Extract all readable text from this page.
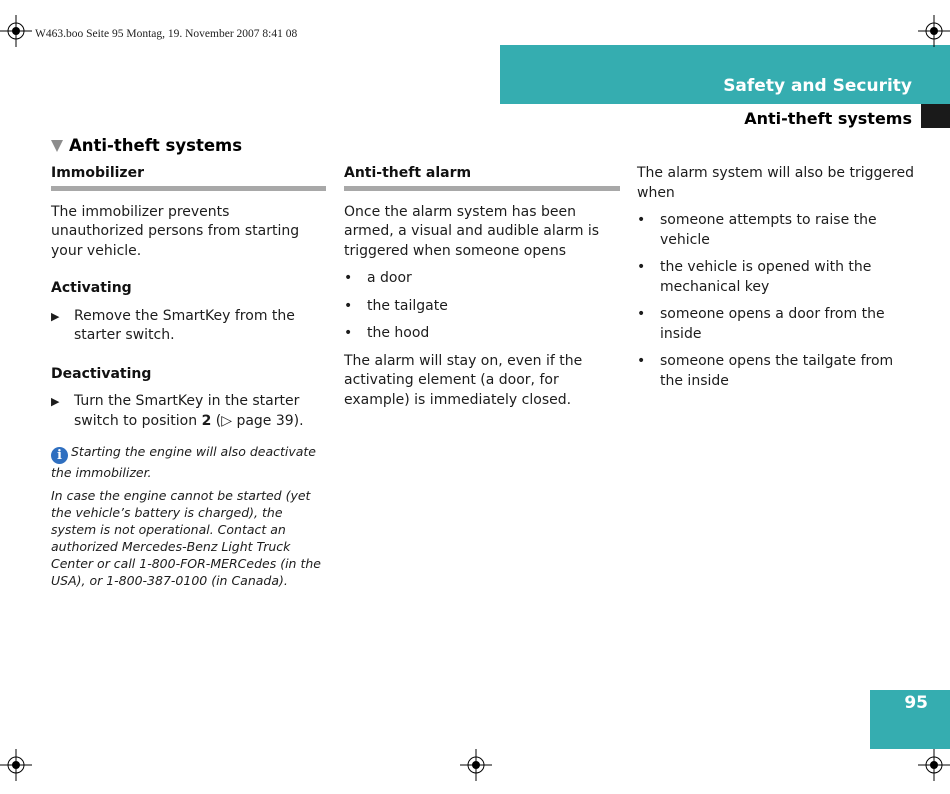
W463.boo Seite 95 Montag, 19. November 2007 8:41 08
Safety and Security
Anti-theft systems
Anti-theft systems
Immobilizer
The immobilizer prevents unauthorized persons from starting your vehicle.
Activating
▶	Remove the SmartKey from the starter switch.
Deactivating
▶	Turn the SmartKey in the starter switch to position 2 (▷ page 39).
i Starting the engine will also deactivate the immobilizer.
In case the engine cannot be started (yet the vehicle’s battery is charged), the system is not operational. Contact an authorized Mercedes-Benz Light Truck Center or call 1-800-FOR-MERCedes (in the USA), or 1-800-387-0100 (in Canada).
Anti-theft alarm
Once the alarm system has been armed, a visual and audible alarm is triggered when someone opens
•	a door
•	the tailgate
•	the hood
The alarm will stay on, even if the activating element (a door, for example) is immediately closed.
The alarm system will also be triggered when
•	someone attempts to raise the vehicle
•	the vehicle is opened with the mechanical key
•	someone opens a door from the inside
•	someone opens the tailgate from the inside
95
